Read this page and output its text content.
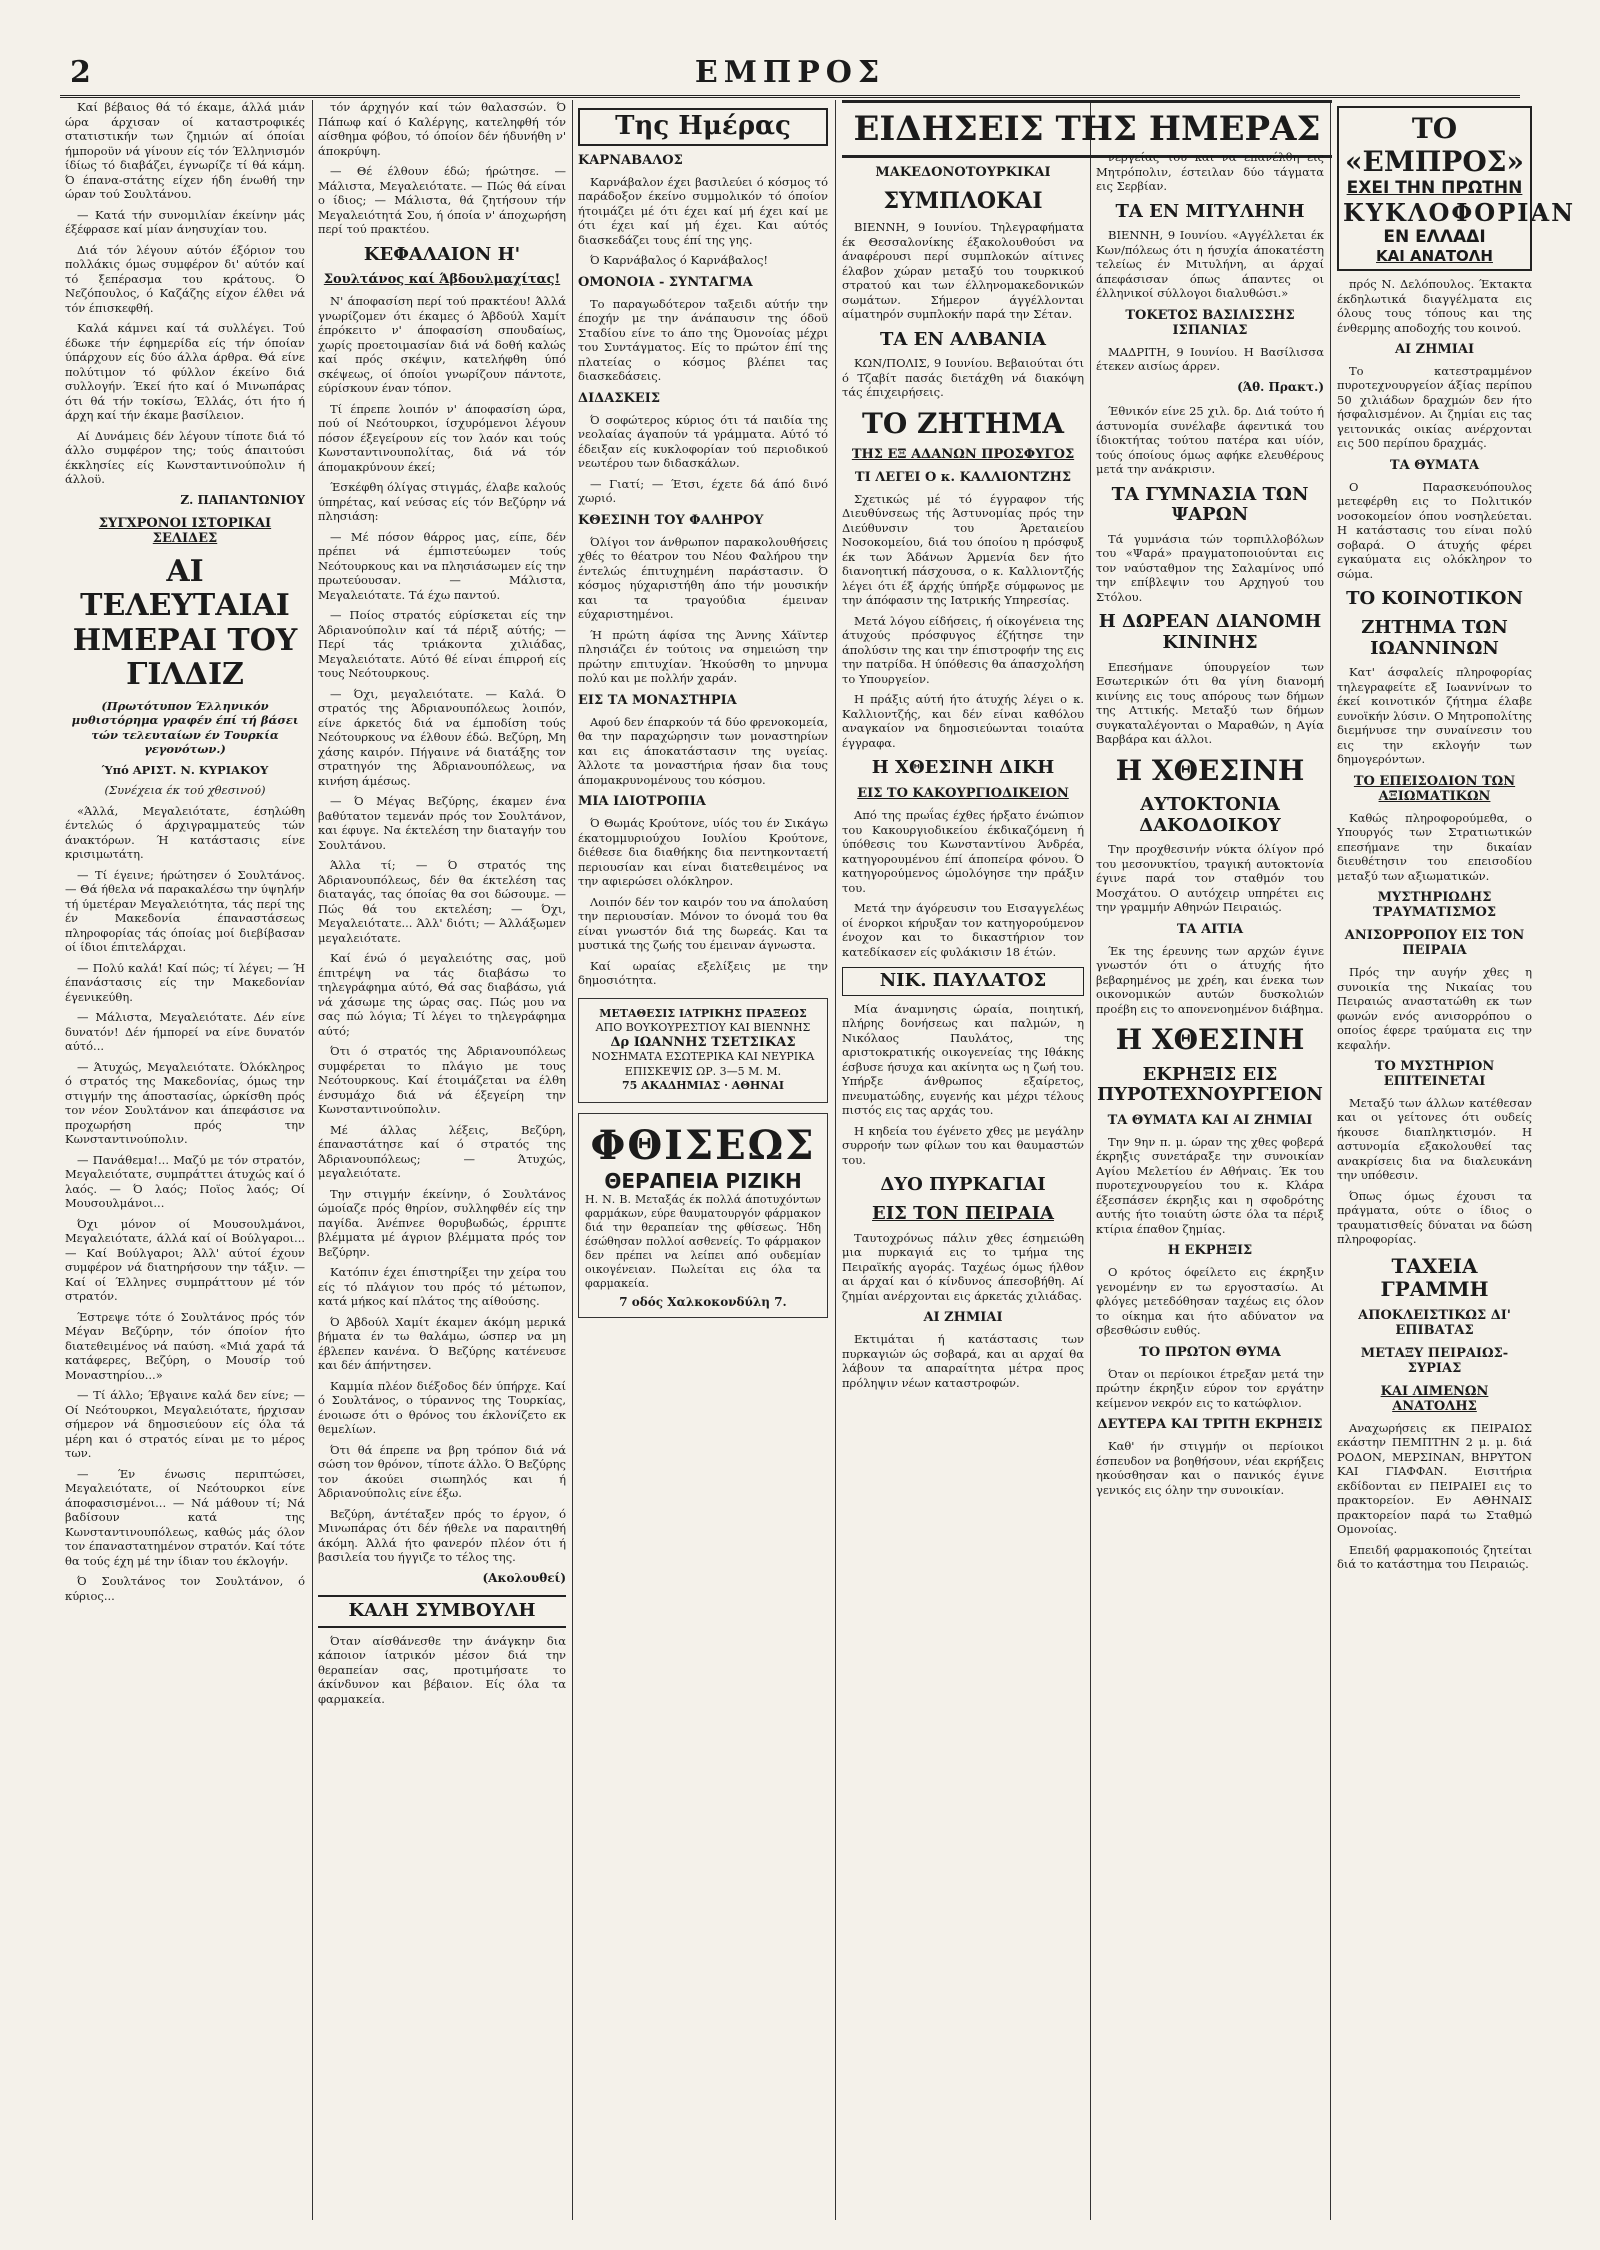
2	ΕΜΠΡΟΣ

Καί βέβαιος θά τό έκαμε, άλλά μιάν ώρα άρχισαν οί καταστροφικές στατιστικήν των ζημιών αί όποίαι ήμποροϋν νά γίνουν είς τόν Έλληνισμόν ίδίως τό διαβάζει, έγνωρίζε τί θά κάμη. Ό έπανα-στάτης είχεν ήδη ένωθή την ώραν τού Σουλτάνου.

— Κατά τήν συνομιλίαν έκείνην μάς έξέφρασε καί μίαν άνησυχίαν του.

Διά τόν λέγουν αύτόν έξόριον του πολλάκις όμως συμφέρον δι' αύτόν καί τό ξεπέρασμα του κράτους. Ό Νεζόπουλος, ό Καζάζης είχον έλθει νά τόν έπισκεφθή.

Καλά κάμνει καί τά συλλέγει. Τού έδωκε τήν έφημερίδα είς τήν όποίαν ύπάρχουν είς δύο άλλα άρθρα. Θά είνε πολύτιμον τό φύλλον έκείνο διά συλλογήν. Έκεί ήτο καί ό Μινωπάρας ότι θά τήν τοκίσω, Έλλάς, ότι ήτο ή άρχη καί τήν έκαμε βασίλειον.

Αί Δυνάμεις δέν λέγουν τίποτε διά τό άλλο συμφέρον της; τούς άπαιτούσι έκκλησίες είς Κωνσταντινούπολιν ή άλλοϋ.

Ζ. ΠΑΠΑΝΤΩΝΙΟΥ
ΣΥΓΧΡΟΝΟΙ ΙΣΤΟΡΙΚΑΙ ΣΕΛΙΔΕΣ
ΑΙ ΤΕΛΕΥΤΑΙΑΙ ΗΜΕΡΑΙ ΤΟΥ ΓΙΛΔΙΖ

(Πρωτότυπον Έλληνικόν μυθιστόρημα γραφέν έπί τή βάσει τών τελευταίων έν Τουρκία γεγονότων.)

Ύπό ΑΡΙΣΤ. Ν. ΚΥΡΙΑΚΟΥ

(Συνέχεια έκ τού χθεσινού)

«Άλλά, Μεγαλειότατε, έσηλώθη έντελώς ό άρχιγραμματεύς τών άνακτόρων. Ή κατάστασις είνε κρισιμωτάτη.

— Τί έγεινε; ήρώτησεν ό Σουλτάνος. — Θά ήθελα νά παρακαλέσω την ύψηλήν τή ύμετέραν Μεγαλειότητα, τάς περί της έν Μακεδονία έπαναστάσεως πληροφορίας τάς όποίας μοί διεβίβασαν οί ίδιοι έπιτελάρχαι.

— Πολύ καλά! Καί πώς; τί λέγει; — Ή έπανάστασις είς την Μακεδονίαν έγενικεύθη.

— Μάλιστα, Μεγαλειότατε. Δέν είνε δυνατόν! Δέν ήμπορεί να είνε δυνατόν αύτό...

— Άτυχώς, Μεγαλειότατε. Όλόκληρος ό στρατός της Μακεδονίας, όμως την στιγμήν της άποστασίας, ώρκίσθη πρός τον νέον Σουλτάνον και άπεφάσισε να προχωρήση πρός την Κωνσταντινούπολιν.

— Πανάθεμα!... Μαζύ με τόν στρατόν, Μεγαλειότατε, συμπράττει άτυχώς καί ό λαός. — Ό λαός; Ποϊος λαός; Οί Μουσουλμάνοι...

Όχι μόνον οί Μουσουλμάνοι, Μεγαλειότατε, άλλά καί οί Βούλγαροι... — Καί Βούλγαροι; Άλλ' αύτοί έχουν συμφέρον νά διατηρήσουν την τάξιν. — Καί οί Έλληνες συμπράττουν μέ τόν στρατόν.

Έστρεψε τότε ό Σουλτάνος πρός τόν Μέγαν Βεζύρην, τόν όποίον ήτο διατεθειμένος νά παύση. «Μιά χαρά τά κατάφερες, Βεζύρη, ο Μουσίρ τού Μοναστηρίου...»

— Τί άλλο; Έβγαινε καλά δεν είνε; — Οί Νεότουρκοι, Μεγαλειότατε, ήρχισαν σήμερον νά δημοσιεύουν είς όλα τά μέρη και ό στρατός είναι με το μέρος των.

— Έν ένωσις περιπτώσει, Μεγαλειότατε, οί Νεότουρκοι είνε άποφασισμένοι... — Νά μάθουν τί; Νά βαδίσουν κατά της Κωνσταντινουπόλεως, καθώς μάς όλον τον έπαναστατημένον στρατόν. Καί τότε θα τούς έχη μέ την ίδιαν του έκλογήν.

Ό Σουλτάνος τον Σουλτάνον, ό κύριος...

τόν άρχηγόν καί τών θαλασσών. Ό Πάπωφ καί ό Καλέργης, κατεληφθή τόν αίσθημα φόβου, τό όποίον δέν ήδυνήθη ν' άποκρύψη.

— Θέ έλθουν έδώ; ήρώτησε. — Μάλιστα, Μεγαλειότατε. — Πώς θά είναι ο ίδιος; — Μάλιστα, θά ζητήσουν τήν Μεγαλειότητά Σου, ή όποία ν' άποχωρήση περί τού πρακτέου.

ΚΕΦΑΛΑΙΟΝ Η'
Σουλτάνος καί Άβδουλμαχίτας!

Ν' άποφασίση περί τού πρακτέου! Άλλά γνωρίζομεν ότι έκαμες ό Άβδούλ Χαμίτ έπρόκειτο ν' άποφασίση σπουδαίως, χωρίς προετοιμασίαν διά νά δοθή καλώς καί πρός σκέψιν, κατελήφθη ύπό σκέψεως, οί όποίοι γνωρίζουν πάντοτε, εύρίσκουν έναν τόπον.

Τί έπρεπε λοιπόν ν' άποφασίση ώρα, πού οί Νεότουρκοι, ίσχυρόμενοι λέγουν πόσον έξεγείρουν είς τον λαόν και τούς Κωνσταντινουπολίτας, διά νά τόν άπομακρύνουν έκεί;

Έσκέφθη όλίγας στιγμάς, έλαβε καλούς ύπηρέτας, καί νεύσας είς τόν Βεζύρην νά πλησιάση:

— Μέ πόσον θάρρος μας, είπε, δέν πρέπει νά έμπιστεύωμεν τούς Νεότουρκους και να πλησιάσωμεν είς την πρωτεύουσαν. — Μάλιστα, Μεγαλειότατε. Τά έχω παντού.

— Ποίος στρατός εύρίσκεται είς την Άδριανούπολιν καί τά πέριξ αύτής; — Περί τάς τριάκοντα χιλιάδας, Μεγαλειότατε. Αύτό θέ είναι έπιρροή είς τους Νεότουρκους.

— Όχι, μεγαλειότατε. — Καλά. Ό στρατός της Άδριανουπόλεως λοιπόν, είνε άρκετός διά να έμποδίση τούς Νεότουρκους να έλθουν έδώ. Βεζύρη, Μη χάσης καιρόν. Πήγαινε νά διατάξης τον στρατηγόν της Άδριανουπόλεως, να κινήση άμέσως.

— Ό Μέγας Βεζύρης, έκαμεν ένα βαθύτατον τεμενάν πρός τον Σουλτάνον, και έφυγε. Να έκτελέση την διαταγήν του Σουλτάνου.

Άλλα τί; — Ό στρατός της Άδριανουπόλεως, δέν θα έκτελέση τας διαταγάς, τας όποίας θα σοι δώσουμε. — Πώς θά του εκτελέση; — Όχι, Μεγαλειότατε... Άλλ' διότι; — Άλλάξωμεν μεγαλειότατε.

Καί ένώ ό μεγαλειότης σας, μοϋ έπιτρέψη να τάς διαβάσω το τηλεγράφημα αύτό, Θά σας διαβάσω, γιά νά χάσωμε της ώρας σας. Πώς μου να σας πώ λόγια; Τί λέγει το τηλεγράφημα αύτό;

Ότι ό στρατός της Άδριανουπόλεως συμφέρεται το πλάγιο με τους Νεότουρκους. Καί έτοιμάζεται να έλθη ένσυμάχο διά νά έξεγείρη την Κωνσταντινούπολιν.

Μέ άλλας λέξεις, Βεζύρη, έπαναστάτησε καί ό στρατός της Άδριανουπόλεως; — Άτυχώς, μεγαλειότατε.

Την στιγμήν έκείνην, ό Σουλτάνος ώμοίαζε πρός θηρίον, συλληφθέν είς την παγίδα. Άνέπνεε θορυβωδώς, έρριπτε βλέμματα μέ άγριον βλέμματα πρός τον Βεζύρην.

Κατόπιν έχει έπιστηρίξει την χείρα του είς τό πλάγιον του πρός τό μέτωπον, κατά μήκος καί πλάτος της αίθούσης.

Ό Άβδούλ Χαμίτ έκαμεν άκόμη μερικά βήματα έν τω θαλάμω, ώσπερ να μη έβλεπεν κανένα. Ό Βεζύρης κατένευσε και δέν άπήντησεν.

Καμμία πλέον διέξοδος δέν ύπήρχε. Καί ό Σουλτάνος, ο τύραννος της Τουρκίας, ένοιωσε ότι ο θρόνος του έκλονίζετο εκ θεμελίων.

Ότι θά έπρεπε να βρη τρόπον διά νά σώση τον θρόνον, τίποτε άλλο. Ό Βεζύρης τον άκούει σιωπηλός και ή Άδριανούπολις είνε έξω.

Βεζύρη, άντέταξεν πρός το έργον, ό Μινωπάρας ότι δέν ήθελε να παραιτηθή άκόμη. Άλλά ήτο φανερόν πλέον ότι ή βασιλεία του ήγγιζε το τέλος της.

(Ακολουθεί)
ΚΑΛΗ ΣΥΜΒΟΥΛΗ

Όταν αίσθάνεσθε την άνάγκην δια κάποιον ίατρικόν μέσον διά την θεραπείαν σας, προτιμήσατε το άκίνδυνον και βέβαιον. Είς όλα τα φαρμακεία.

Της Ημέρας
ΚΑΡΝΑΒΑΛΟΣ

Καρνάβαλον έχει βασιλεύει ό κόσμος τό παράδοξον έκείνο συμμολικόν τό όποίον ήτοιμάζει μέ ότι έχει καί μή έχει καί με ότι έχει καί μή έχει. Και αύτός διασκεδάζει τους έπί της γης.

Ό Καρνάβαλος ό Καρνάβαλος!

ΟΜΟΝΟΙΑ - ΣΥΝΤΑΓΜΑ

Το παραγωδότερον ταξειδι αύτήν την έποχήν με την άνάπαυσιν της όδοϋ Σταδίου είνε το άπο της Όμονοίας μέχρι του Συντάγματος. Είς το πρώτον έπί της πλατείας ο κόσμος βλέπει τας διασκεδάσεις.

ΔΙΔΑΣΚΕΙΣ

Ό σοφώτερος κύριος ότι τά παιδία της νεολαίας άγαπούν τά γράμματα. Αύτό τό έδειξαν είς κυκλοφορίαν τού περιοδικού νεωτέρου των διδασκάλων.

— Γιατί; — Έτσι, έχετε δά άπό δινό χωριό.

ΚΘΕΣΙΝΗ ΤΟΥ ΦΑΛΗΡΟΥ

Όλίγοι τον άνθρωπον παρακολουθήσεις χθές το θέατρον του Νέου Φαλήρου την έντελώς έπιτυχημένη παράστασιν. Ό κόσμος ηύχαριστήθη άπο τήν μουσικήν και τα τραγούδια έμειναν εύχαριστημένοι.

Ή πρώτη άφίσα της Άννης Χάϊντερ πλησιάζει έν τούτοις να σημειώση την πρώτην επιτυχίαν. Ήκούσθη το μηνυμα πολύ και με πολλήν χαράν.

ΕΙΣ ΤΑ ΜΟΝΑΣΤΗΡΙΑ

Αφού δεν έπαρκούν τά δύο φρενοκομεία, θα την παραχώρησιν των μοναστηρίων και εις άποκατάστασιν της υγείας. Άλλοτε τα μοναστήρια ήσαν δια τους άπομακρυνομένους του κόσμου.

ΜΙΑ ΙΔΙΟΤΡΟΠΙΑ

Ό Θωμάς Κρούτονε, υίός του έν Σικάγω έκατομμυριούχου Ιουλίου Κρούτονε, διέθεσε δια διαθήκης δια πεντηκονταετή περιουσίαν και είναι διατεθειμένος να την αφιερώσει ολόκληρον.

Λοιπόν δέν τον καιρόν του να άπολαύση την περιουσίαν. Μόνον το όνομά του θα είναι γνωστόν διά της δωρεάς. Και τα μυστικά της ζωής του έμειναν άγνωστα.

Καί ωραίας εξελίξεις με την δημοσιότητα.

ΜΕΤΑΘΕΣΙΣ ΙΑΤΡΙΚΗΣ ΠΡΑΞΕΩΣ
ΑΠΟ ΒΟΥΚΟΥΡΕΣΤΙΟΥ ΚΑΙ ΒΙΕΝΝΗΣ
Δρ ΙΩΑΝΝΗΣ ΤΣΕΤΣΙΚΑΣ
ΝΟΣΗΜΑΤΑ ΕΣΩΤΕΡΙΚΑ ΚΑΙ ΝΕΥΡΙΚΑ
ΕΠΙΣΚΕΨΙΣ ΩΡ. 3—5 Μ. Μ.
75 ΑΚΑΔΗΜΙΑΣ · ΑΘΗΝΑΙ
ΦΘΙΣΕΩΣ
ΘΕΡΑΠΕΙΑ ΡΙΖΙΚΗ
Η. Ν. Β. Μεταξάς έκ πολλά άποτυχόντων φαρμάκων, εύρε θαυματουργόν φάρμακον διά την θεραπείαν της φθίσεως. Ήδη έσώθησαν πολλοί ασθενείς. Το φάρμακον δεν πρέπει να λείπει από ουδεμίαν οικογένειαν. Πωλείται εις όλα τα φαρμακεία.
7 οδός Χαλκοκονδύλη 7.
ΕΙΔΗΣΕΙΣ ΤΗΣ ΗΜΕΡΑΣ
ΜΑΚΕΔΟΝΟΤΟΥΡΚΙΚΑΙ
ΣΥΜΠΛΟΚΑΙ

ΒΙΕΝΝΗ, 9 Ιουνίου. Τηλεγραφήματα έκ Θεσσαλονίκης έξακολουθούσι να άναφέρουσι περί συμπλοκών αίτινες έλαβον χώραν μεταξύ του τουρκικού στρατού και των έλληνομακεδονικών σωμάτων. Σήμερον άγγέλλονται αίματηρόν συμπλοκήν παρά την Σέταν.

ΤΑ ΕΝ ΑΛΒΑΝΙΑ

ΚΩΝ/ΠΟΛΙΣ, 9 Ιουνίου. Βεβαιούται ότι ό Τζαβίτ πασάς διετάχθη νά διακόψη τάς έπιχειρήσεις.

ΤΟ ΖΗΤΗΜΑ
ΤΗΣ ΕΞ ΑΔΑΝΩΝ ΠΡΟΣΦΥΓΟΣ
ΤΙ ΛΕΓΕΙ Ο κ. ΚΑΛΛΙΟΝΤΖΗΣ

Σχετικώς μέ τό έγγραφον τής Διευθύνσεως τής Άστυνομίας πρός την Διεύθυνσιν του Άρεταιείου Νοσοκομείου, διά του όποίου η πρόσφυξ έκ των Άδάνων Άρμενία δεν ήτο διανοητική πάσχουσα, ο κ. Καλλιοντζής λέγει ότι έξ άρχής ύπήρξε σύμφωνος με την άπόφασιν της Ιατρικής Υπηρεσίας.

Μετά λόγου είδήσεις, ή οίκογένεια της άτυχούς πρόσφυγος έζήτησε την άπολύσιν της και την έπιστροφήν της εις την πατρίδα. Η ύπόθεσις θα άπασχολήση το Υπουργείον.

Η πράξις αύτή ήτο άτυχής λέγει ο κ. Καλλιοντζής, και δέν είναι καθόλου αναγκαίον να δημοσιεύωνται τοιαύτα έγγραφα.

Η ΧΘΕΣΙΝΗ ΔΙΚΗ
ΕΙΣ ΤΟ ΚΑΚΟΥΡΓΙΟΔΙΚΕΙΟΝ

Από της πρωΐας έχθες ήρξατο ένώπιον του Κακουργιοδικείου έκδικαζόμενη ή ύπόθεσις του Κωνσταντίνου Άνδρέα, κατηγορουμένου έπί άποπείρα φόνου. Ό κατηγορούμενος ώμολόγησε την πράξιν του.

Μετά την άγόρευσιν του Εισαγγελέως οί ένορκοι κήρυξαν τον κατηγορούμενον ένοχον και το δικαστήριον τον κατεδίκασεν είς φυλάκισιν 18 έτών.

ΝΙΚ. ΠΑΥΛΑΤΟΣ

Μία άναμνησις ώραία, ποιητική, πλήρης δονήσεως και παλμών, η Νικόλαος Παυλάτος, της αριστοκρατικής οικογενείας της Ιθάκης έσβυσε ήσυχα και ακίνητα ως η ζωή του. Υπήρξε άνθρωπος εξαίρετος, πνευματώδης, ευγενής και μέχρι τέλους πιστός εις τας αρχάς του.

Η κηδεία του έγένετο χθες με μεγάλην συρροήν των φίλων του και θαυμαστών του.

ΔΥΟ ΠΥΡΚΑΓΙΑΙ
ΕΙΣ ΤΟΝ ΠΕΙΡΑΙΑ

Ταυτοχρόνως πάλιν χθες έσημειώθη μια πυρκαγιά εις το τμήμα της Πειραϊκής αγοράς. Ταχέως όμως ήλθον αι άρχαί και ό κίνδυνος άπεσοβήθη. Αί ζημίαι ανέρχονται εις άρκετάς χιλιάδας.

ΑΙ ΖΗΜΙΑΙ

Εκτιμάται ή κατάστασις των πυρκαγιών ώς σοβαρά, και αι αρχαί θα λάβουν τα απαραίτητα μέτρα προς πρόληψιν νέων καταστροφών.

νεργείας του και να επανέλθη εις Μητρόπολιν, έστειλαν δύο τάγματα εις Σερβίαν.

ΤΑ ΕΝ ΜΙΤΥΛΗΝΗ

ΒΙΕΝΝΗ, 9 Ιουνίου. «Αγγέλλεται έκ Κων/πόλεως ότι η ήσυχία άποκατέστη τελείως έν Μιτυλήνη, αι άρχαί άπεφάσισαν όπως άπαντες οι έλληνικοί σύλλογοι διαλυθώσι.»

ΤΟΚΕΤΟΣ ΒΑΣΙΛΙΣΣΗΣ ΙΣΠΑΝΙΑΣ

ΜΑΔΡΙΤΗ, 9 Ιουνίου. Η Βασίλισσα έτεκεν αισίως άρρεν.

(Άθ. Πρακτ.)

Έθνικόν είνε 25 χιλ. δρ. Διά τούτο ή άστυνομία συνέλαβε άφεντικά του ίδιοκτήτας τούτου πατέρα και υίόν, τούς όποίους όμως αφήκε ελευθέρους μετά την ανάκρισιν.

ΤΑ ΓΥΜΝΑΣΙΑ ΤΩΝ ΨΑΡΩΝ

Τά γυμνάσια τών τορπιλλοβόλων του «Ψαρά» πραγματοποιούνται εις τον ναύσταθμον της Σαλαμίνος υπό την επίβλεψιν του Αρχηγού του Στόλου.

Η ΔΩΡΕΑΝ ΔΙΑΝΟΜΗ ΚΙΝΙΝΗΣ

Επεσήμανε ύπουργείον των Εσωτερικών ότι θα γίνη διανομή κινίνης εις τους απόρους των δήμων της Αττικής. Μεταξύ των δήμων συγκαταλέγονται ο Μαραθών, η Αγία Βαρβάρα και άλλοι.

Η ΧΘΕΣΙΝΗ
ΑΥΤΟΚΤΟΝΙΑ ΔΑΚΟΔΟΙΚΟΥ

Την προχθεσινήν νύκτα όλίγον πρό του μεσονυκτίου, τραγική αυτοκτονία έγινε παρά τον σταθμόν του Μοσχάτου. Ο αυτόχειρ υπηρέτει εις την γραμμήν Αθηνών Πειραιώς.

ΤΑ ΑΙΤΙΑ

Έκ της έρευνης των αρχών έγινε γνωστόν ότι ο άτυχής ήτο βεβαρημένος με χρέη, και ένεκα των οικονομικών αυτών δυσκολιών προέβη εις το απονενοημένον διάβημα.

Η ΧΘΕΣΙΝΗ
ΕΚΡΗΞΙΣ ΕΙΣ ΠΥΡΟΤΕΧΝΟΥΡΓΕΙΟΝ
ΤΑ ΘΥΜΑΤΑ ΚΑΙ ΑΙ ΖΗΜΙΑΙ

Την 9ην π. μ. ώραν της χθες φοβερά έκρηξις συνετάραξε την συνοικίαν Αγίου Μελετίου έν Αθήναις. Έκ του πυροτεχνουργείου του κ. Κλάρα έξεσπάσεν έκρηξις και η σφοδρότης αυτής ήτο τοιαύτη ώστε όλα τα πέριξ κτίρια έπαθον ζημίας.

Η ΕΚΡΗΞΙΣ

Ο κρότος όφείλετο εις έκρηξιν γενομένην εν τω εργοστασίω. Αι φλόγες μετεδόθησαν ταχέως εις όλον το οίκημα και ήτο αδύνατον να σβεσθώσιν ευθύς.

ΤΟ ΠΡΩΤΟΝ ΘΥΜΑ

Όταν οι περίοικοι έτρεξαν μετά την πρώτην έκρηξιν εύρον τον εργάτην κείμενον νεκρόν εις το κατώφλιον.

ΔΕΥΤΕΡΑ ΚΑΙ ΤΡΙΤΗ ΕΚΡΗΞΙΣ

Καθ' ήν στιγμήν οι περίοικοι έσπευδον να βοηθήσουν, νέαι εκρήξεις ηκούσθησαν και ο πανικός έγινε γενικός εις όλην την συνοικίαν.

ΤΟ «ΕΜΠΡΟΣ»
ΕΧΕΙ ΤΗΝ ΠΡΩΤΗΝ
ΚΥΚΛΟΦΟΡΙΑΝ
ΕΝ ΕΛΛΑΔΙ
ΚΑΙ ΑΝΑΤΟΛΗ

πρός Ν. Δελόπουλος. Έκτακτα έκδηλωτικά διαγγέλματα εις όλους τους τόπους και της ένθερμης αποδοχής του κοινού.

ΑΙ ΖΗΜΙΑΙ

Το κατεστραμμένον πυροτεχνουργείον άξίας περίπου 50 χιλιάδων δραχμών δεν ήτο ήσφαλισμένον. Αι ζημίαι εις τας γειτονικάς οικίας ανέρχονται εις 500 περίπου δραχμάς.

ΤΑ ΘΥΜΑΤΑ

Ο Παρασκευόπουλος μετεφέρθη εις το Πολιτικόν νοσοκομείον όπου νοσηλεύεται. Η κατάστασις του είναι πολύ σοβαρά. Ο άτυχής φέρει εγκαύματα εις ολόκληρον το σώμα.

ΤΟ ΚΟΙΝΟΤΙΚΟΝ
ΖΗΤΗΜΑ ΤΩΝ ΙΩΑΝΝΙΝΩΝ

Κατ' άσφαλείς πληροφορίας τηλεγραφείτε εξ Ιωαννίνων το έκεί κοινοτικόν ζήτημα έλαβε ευνοϊκήν λύσιν. Ο Μητροπολίτης διεμήνυσε την συναίνεσιν του εις την εκλογήν των δημογερόντων.

ΤΟ ΕΠΕΙΣΟΔΙΟΝ ΤΩΝ ΑΞΙΩΜΑΤΙΚΩΝ

Καθώς πληροφορούμεθα, ο Υπουργός των Στρατιωτικών επεσήμανε την δικαίαν διευθέτησιν του επεισοδίου μεταξύ των αξιωματικών.

ΜΥΣΤΗΡΙΩΔΗΣ ΤΡΑΥΜΑΤΙΣΜΟΣ
ΑΝΙΣΟΡΡΟΠΟΥ ΕΙΣ ΤΟΝ ΠΕΙΡΑΙΑ

Πρός την αυγήν χθες η συνοικία της Νικαίας του Πειραιώς αναστατώθη εκ των φωνών ενός ανισορρόπου ο οποίος έφερε τραύματα εις την κεφαλήν.

ΤΟ ΜΥΣΤΗΡΙΟΝ ΕΠΙΤΕΙΝΕΤΑΙ

Μεταξύ των άλλων κατέθεσαν και οι γείτονες ότι ουδείς ήκουσε διαπληκτισμόν. Η αστυνομία εξακολουθεί τας ανακρίσεις δια να διαλευκάνη την υπόθεσιν.

Όπως όμως έχουσι τα πράγματα, ούτε ο ίδιος ο τραυματισθείς δύναται να δώση πληροφορίας.

ΤΑΧΕΙΑ ΓΡΑΜΜΗ
ΑΠΟΚΛΕΙΣΤΙΚΩΣ ΔΙ' ΕΠΙΒΑΤΑΣ
ΜΕΤΑΞΥ ΠΕΙΡΑΙΩΣ-ΣΥΡΙΑΣ
ΚΑΙ ΛΙΜΕΝΩΝ ΑΝΑΤΟΛΗΣ

Αναχωρήσεις εκ ΠΕΙΡΑΙΩΣ εκάστην ΠΕΜΠΤΗΝ 2 μ. μ. διά ΡΟΔΟΝ, ΜΕΡΣΙΝΑΝ, ΒΗΡΥΤΟΝ ΚΑΙ ΓΙΑΦΦΑΝ. Εισιτήρια εκδίδονται εν ΠΕΙΡΑΙΕΙ εις το πρακτορείον. Εν ΑΘΗΝΑΙΣ πρακτορείον παρά τω Σταθμώ Ομονοίας.

Επειδή φαρμακοποιός ζητείται διά το κατάστημα του Πειραιώς.
